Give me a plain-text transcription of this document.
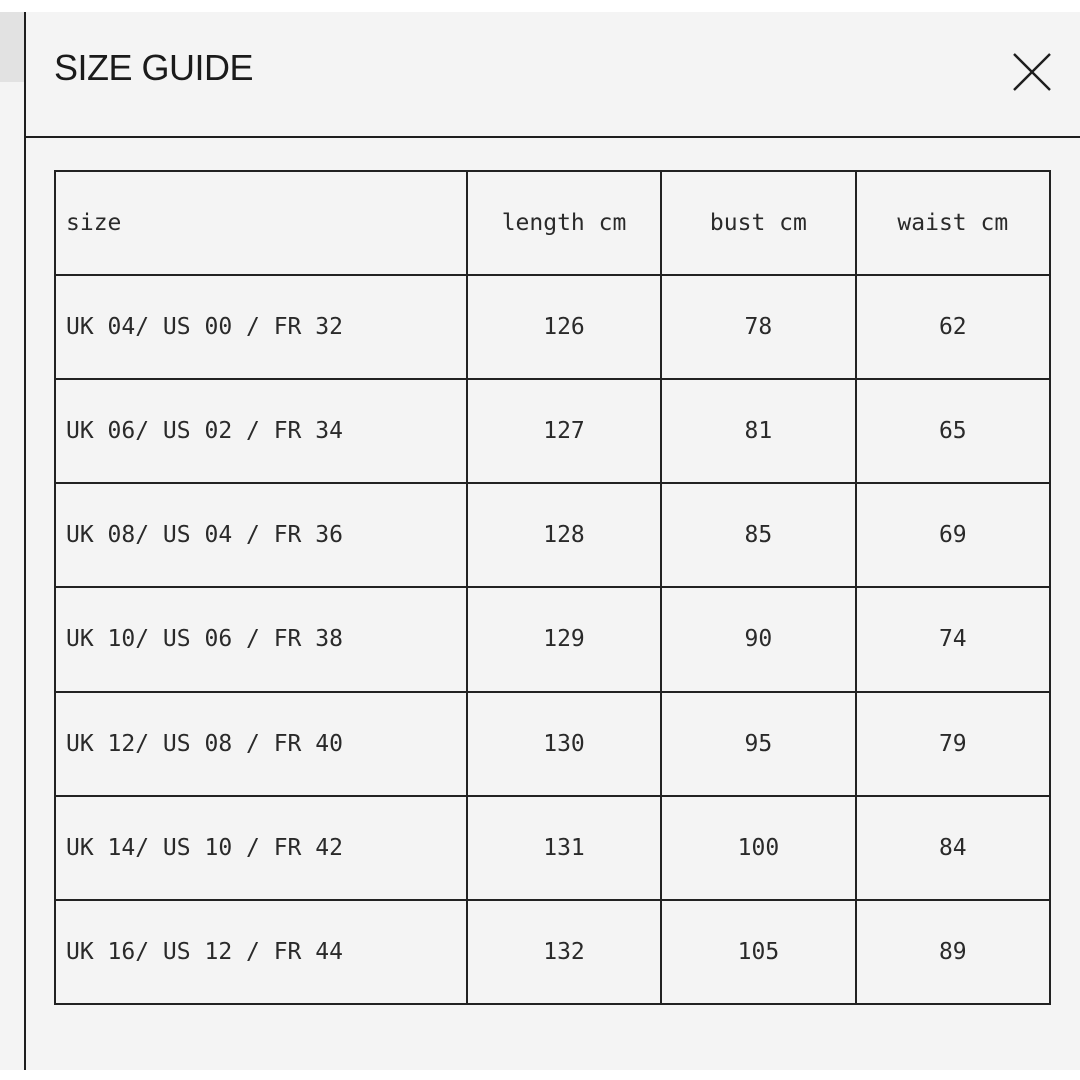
SIZE GUIDE
size	length cm	bust cm	waist cm
UK 04/ US 00 / FR 32	126	78	62
UK 06/ US 02 / FR 34	127	81	65
UK 08/ US 04 / FR 36	128	85	69
UK 10/ US 06 / FR 38	129	90	74
UK 12/ US 08 / FR 40	130	95	79
UK 14/ US 10 / FR 42	131	100	84
UK 16/ US 12 / FR 44	132	105	89
